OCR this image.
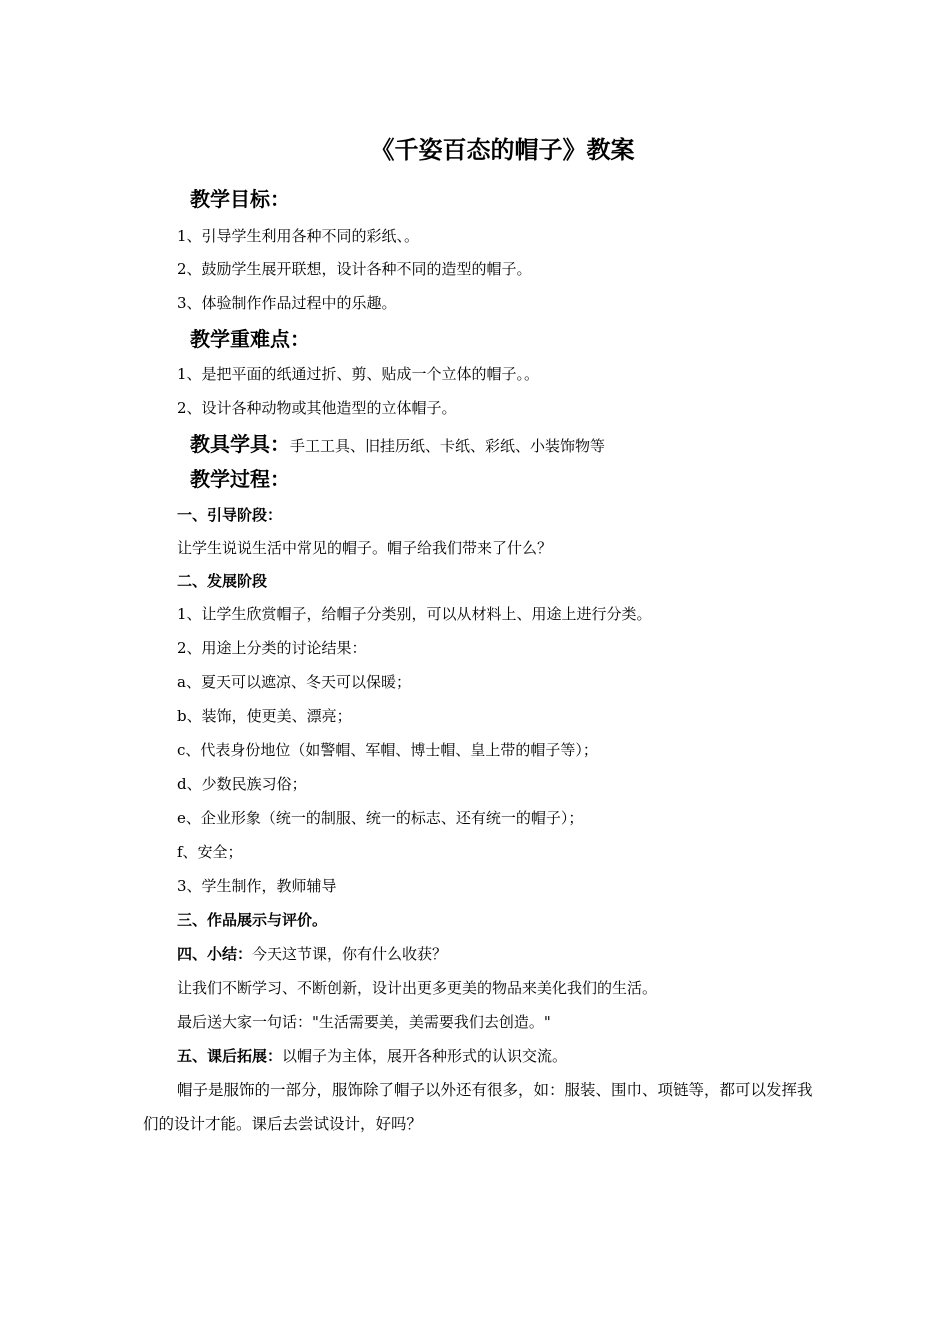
《千姿百态的帽子》教案
教学目标：
1、引导学生利用各种不同的彩纸、。
2、鼓励学生展开联想，设计各种不同的造型的帽子。
3、体验制作作品过程中的乐趣。
教学重难点：
1、是把平面的纸通过折、剪、贴成一个立体的帽子。。
2、设计各种动物或其他造型的立体帽子。
教具学具：手工工具、旧挂历纸、卡纸、彩纸、小装饰物等
教学过程：
一、引导阶段：
让学生说说生活中常见的帽子。帽子给我们带来了什么？
二、发展阶段
1、让学生欣赏帽子，给帽子分类别，可以从材料上、用途上进行分类。
2、用途上分类的讨论结果：
a、夏天可以遮凉、冬天可以保暖；
b、装饰，使更美、漂亮；
c、代表身份地位（如警帽、军帽、博士帽、皇上带的帽子等）；
d、少数民族习俗；
e、企业形象（统一的制服、统一的标志、还有统一的帽子）；
f、安全；
3、学生制作，教师辅导
三、作品展示与评价。
四、小结：今天这节课，你有什么收获？
让我们不断学习、不断创新，设计出更多更美的物品来美化我们的生活。
最后送大家一句话："生活需要美，美需要我们去创造。"
五、课后拓展：以帽子为主体，展开各种形式的认识交流。
帽子是服饰的一部分，服饰除了帽子以外还有很多，如：服装、围巾、项链等，都可以发挥我们的设计才能。课后去尝试设计，好吗？
